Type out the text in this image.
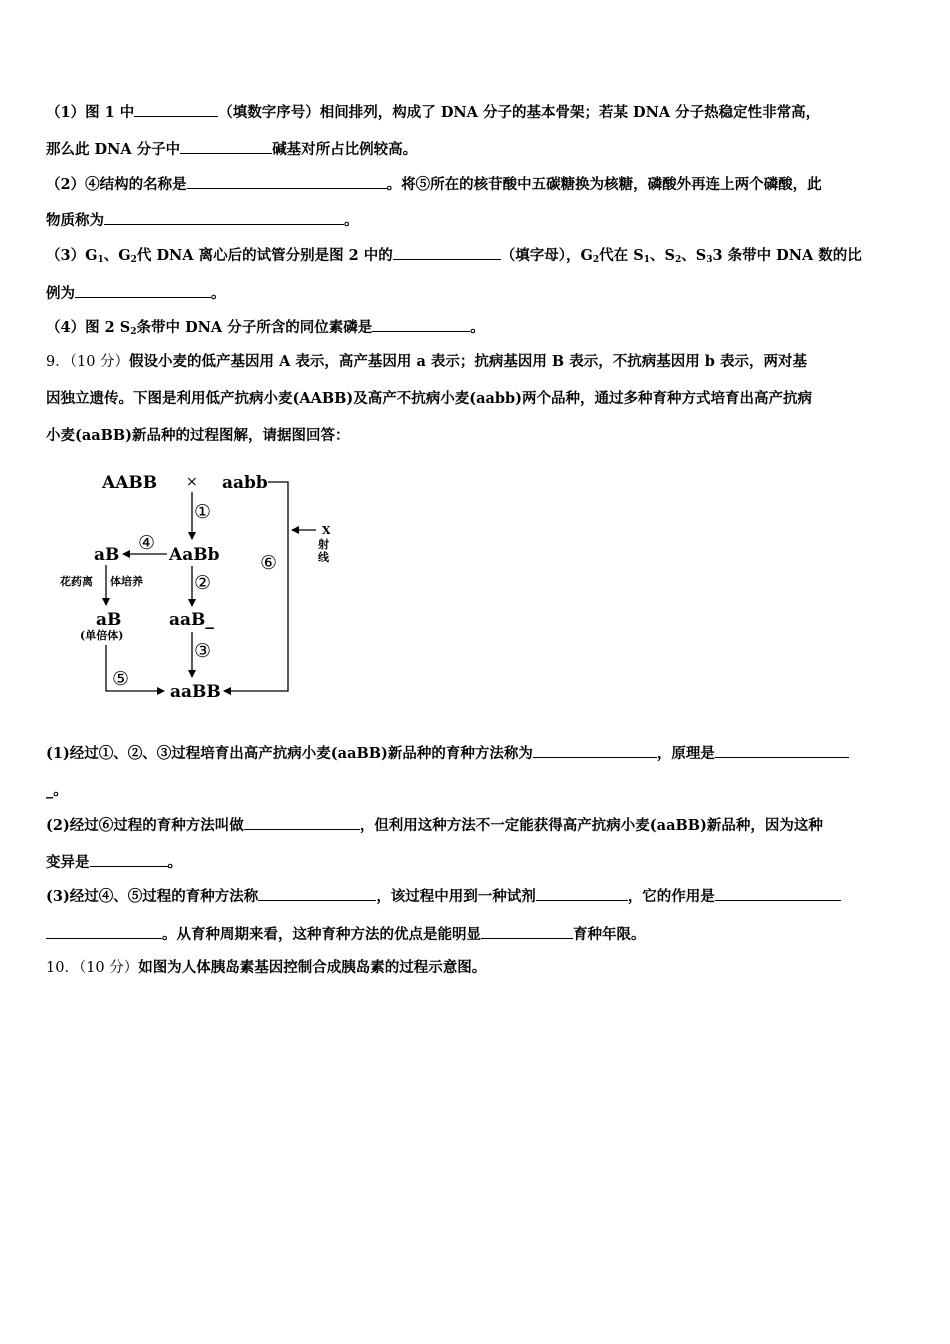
（1）图 1 中	（填数字序号）相间排列，构成了 DNA 分子的基本骨架；若某 DNA 分子热稳定性非常高，
那么此 DNA 分子中	碱基对所占比例较高。
（2）④结构的名称是	。将⑤所在的核苷酸中五碳糖换为核糖，磷酸外再连上两个磷酸，此
物质称为	。
$(3)G_1$、$G_2$代 DNA 离心后的试管分别是图 2 中的	（填字母），$G_2$代在 $S_1$、$S_2$、$S_33$ 条带中 DNA 数的比
例为	。
（4）图 2 $S_2$条带中 DNA 分子所含的同位素磷是	。
9．（10 分）假设小麦的低产基因用 A 表示，高产基因用 a 表示；抗病基因用 B 表示，不抗病基因用 b 表示，两对基
因独立遗传。下图是利用低产抗病小麦(AABB)及高产不抗病小麦(aabb)两个品种，通过多种育种方式培育出高产抗病
小麦(aaBB)新品种的过程图解，请据图回答：
AABB × aabb
①
AaBb
④
aB
花药离 体培养
aB
(单倍体)
②
aaB_
③
⑤
aaBB
⑥
X
射
线
(1)经过①、②、③过程培育出高产抗病小麦(aaBB)新品种的育种方法称为	，原理是
_。
(2)经过⑥过程的育种方法叫做	，但利用这种方法不一定能获得高产抗病小麦(aaBB)新品种，因为这种
变异是	。
(3)经过④、⑤过程的育种方法称	，该过程中用到一种试剂	，它的作用是
。从育种周期来看，这种育种方法的优点是能明显	育种年限。
10．（10 分）如图为人体胰岛素基因控制合成胰岛素的过程示意图。
